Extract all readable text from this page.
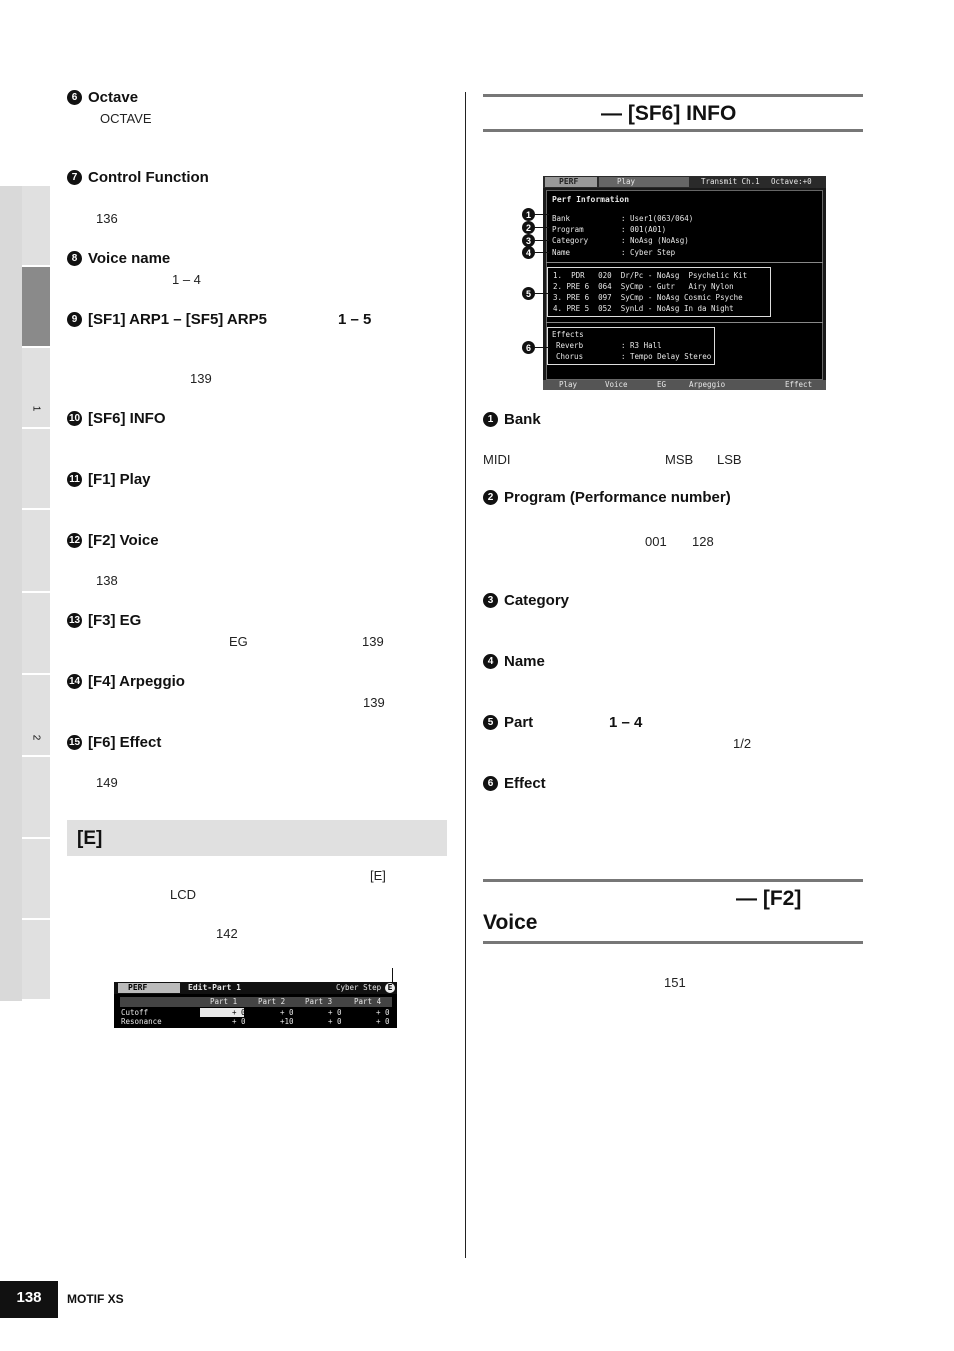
1
2
6 Octave
OCTAVE
7 Control Function
136
8 Voice name
1 – 4
9 [SF1] ARP1 – [SF5] ARP5	1 – 5
139
10 [SF6] INFO
11 [F1] Play
12 [F2] Voice
138
13 [F3] EG
EG	139
14 [F4] Arpeggio
139
15 [F6] Effect
149
[E]
[E]
LCD
142
PERF	Edit-Part 1	Cyber Step E
Part 1	Part 2	Part 3	Part 4
Cutoff	+ 0	+ 0	+ 0	+ 0
Resonance	+ 0	+10	+ 0	+ 0
— [SF6] INFO
PERF	Play	Transmit Ch.1 Octave:+0
Perf Information
Bank	: User1(063/064)
Program	: 001(A01)
Category	: NoAsg (NoAsg)
Name	: Cyber Step
1.  PDR 020 Dr/Pc - NoAsg Psychelic Kit
2. PRE 6 064 SyCmp - Gutr Airy Nylon
3. PRE 6 097 SyCmp - NoAsg Cosmic Psyche
4. PRE 5 052 SynLd - NoAsg In da Night
Effects
Reverb	: R3 Hall
Chorus	: Tempo Delay Stereo
Play	Voice	EG	Arpeggio	Effect
1
2
3
4
5
6
1 Bank
MIDI	MSB LSB
2 Program (Performance number)
001 128
3 Category
4 Name
5 Part	1 – 4
1/2
6 Effect
— [F2]
Voice
151
138	MOTIF XS
